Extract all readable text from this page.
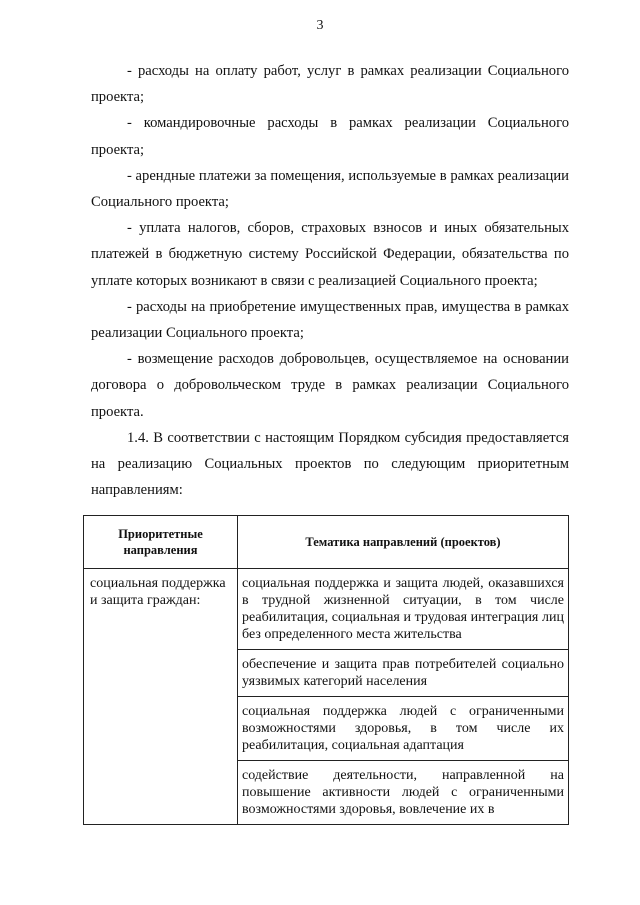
3

- расходы на оплату работ, услуг в рамках реализации Социального проекта;

- командировочные расходы в рамках реализации Социального проекта;

- арендные платежи за помещения, используемые в рамках реализации Социального проекта;

- уплата налогов, сборов, страховых взносов и иных обязательных платежей в бюджетную систему Российской Федерации, обязательства по уплате которых возникают в связи с реализацией Социального проекта;

- расходы на приобретение имущественных прав, имущества в рамках реализации Социального проекта;

- возмещение расходов добровольцев, осуществляемое на основании договора о добровольческом труде в рамках реализации Социального проекта.

1.4. В соответствии с настоящим Порядком субсидия предоставляется на реализацию Социальных проектов по следующим приоритетным направлениям:

Приоритетные направления	Тематика направлений (проектов)
социальная поддержка и защита граждан:	социальная поддержка и защита людей, оказавшихся в трудной жизненной ситуации, в том числе реабилитация, социальная и трудовая интеграция лиц без определенного места жительства
обеспечение и защита прав потребителей социально уязвимых категорий населения
социальная поддержка людей с ограниченными возможностями здоровья, в том числе их реабилитация, социальная адаптация
содействие деятельности, направленной на повышение активности людей с ограниченными возможностями здоровья, вовлечение их в
